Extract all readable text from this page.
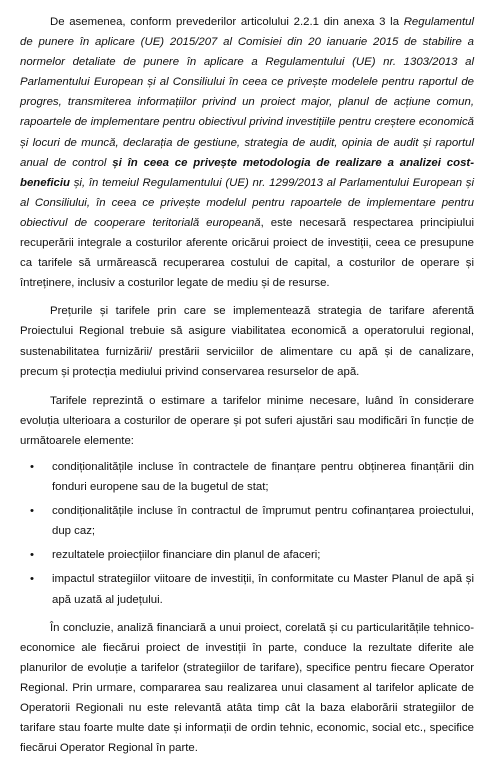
De asemenea, conform prevederilor articolului 2.2.1 din anexa 3 la Regulamentul de punere în aplicare (UE) 2015/207 al Comisiei din 20 ianuarie 2015 de stabilire a normelor detaliate de punere în aplicare a Regulamentului (UE) nr. 1303/2013 al Parlamentului European și al Consiliului în ceea ce privește modelele pentru raportul de progres, transmiterea informațiilor privind un proiect major, planul de acțiune comun, rapoartele de implementare pentru obiectivul privind investițiile pentru creștere economică și locuri de muncă, declarația de gestiune, strategia de audit, opinia de audit și raportul anual de control și în ceea ce privește metodologia de realizare a analizei cost-beneficiu și, în temeiul Regulamentului (UE) nr. 1299/2013 al Parlamentului European și al Consiliului, în ceea ce privește modelul pentru rapoartele de implementare pentru obiectivul de cooperare teritorială europeană, este necesară respectarea principiului recuperării integrale a costurilor aferente oricărui proiect de investiții, ceea ce presupune ca tarifele să urmărească recuperarea costului de capital, a costurilor de operare și întreținere, inclusiv a costurilor legate de mediu și de resurse.

Prețurile și tarifele prin care se implementează strategia de tarifare aferentă Proiectului Regional trebuie să asigure viabilitatea economică a operatorului regional, sustenabilitatea furnizării/ prestării serviciilor de alimentare cu apă și de canalizare, precum și protecția mediului privind conservarea resurselor de apă.

Tarifele reprezintă o estimare a tarifelor minime necesare, luând în considerare evoluția ulterioara a costurilor de operare și pot suferi ajustări sau modificări în funcție de următoarele elemente:

• condiționalitățile incluse în contractele de finanțare pentru obținerea finanțării din fonduri europene sau de la bugetul de stat;
• condiționalitățile incluse în contractul de împrumut pentru cofinanțarea proiectului, dup caz;
• rezultatele proiecțiilor financiare din planul de afaceri;
• impactul strategiilor viitoare de investiții, în conformitate cu Master Planul de apă și apă uzată al județului.

În concluzie, analiză financiară a unui proiect, corelată și cu particularitățile tehnico-economice ale fiecărui proiect de investiții în parte, conduce la rezultate diferite ale planurilor de evoluție a tarifelor (strategiilor de tarifare), specifice pentru fiecare Operator Regional. Prin urmare, compararea sau realizarea unui clasament al tarifelor aplicate de Operatorii Regionali nu este relevantă atâta timp cât la baza elaborării strategiilor de tarifare stau foarte multe date și informații de ordin tehnic, economic, social etc., specifice fiecărui Operator Regional în parte.
